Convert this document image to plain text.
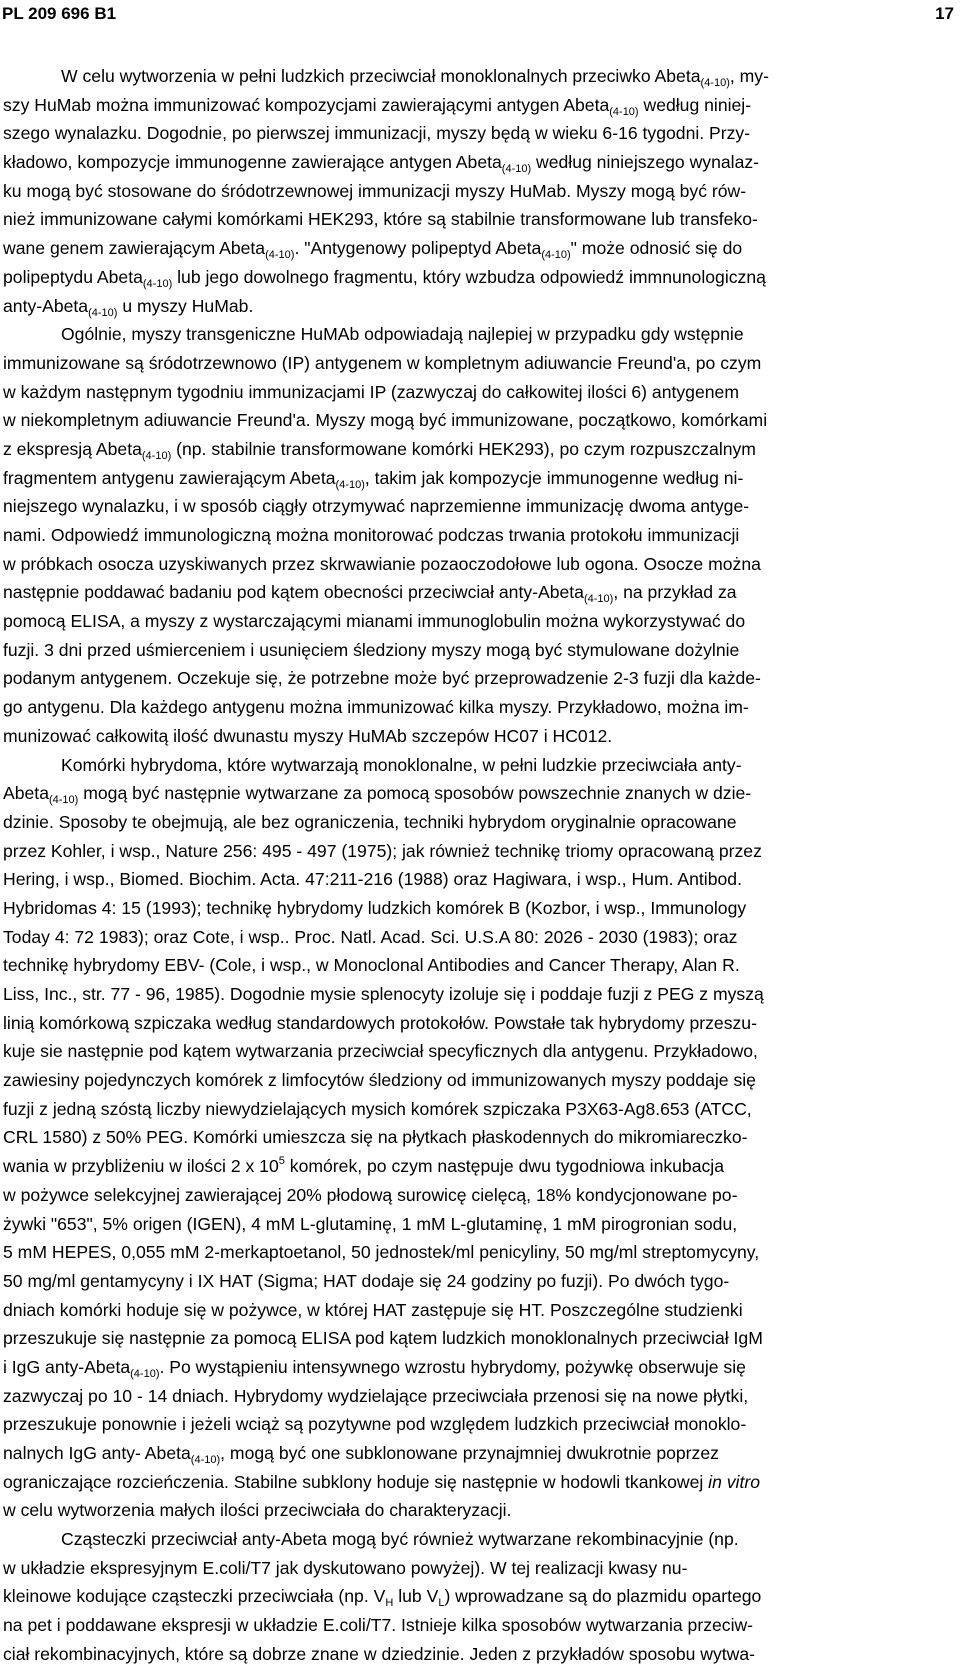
PL 209 696 B1	17
W celu wytworzenia w pełni ludzkich przeciwciał monoklonalnych przeciwko Abeta$_{(4-10)}$, my-
szy HuMab można immunizować kompozycjami zawierającymi antygen Abeta$_{(4-10)}$ według niniej-
szego wynalazku. Dogodnie, po pierwszej immunizacji, myszy będą w wieku 6-16 tygodni. Przy-
kładowo, kompozycje immunogenne zawierające antygen Abeta$_{(4-10)}$ według niniejszego wynalaz-
ku mogą być stosowane do śródotrzewnowej immunizacji myszy HuMab. Myszy mogą być rów-
nież immunizowane całymi komórkami HEK293, które są stabilnie transformowane lub transfeko-
wane genem zawierającym Abeta$_{(4-10)}$. "Antygenowy polipeptyd Abeta$_{(4-10)}$" może odnosić się do
polipeptydu Abeta$_{(4-10)}$ lub jego dowolnego fragmentu, który wzbudza odpowiedź immnunologiczną
anty-Abeta$_{(4-10)}$ u myszy HuMab.
Ogólnie, myszy transgeniczne HuMAb odpowiadają najlepiej w przypadku gdy wstępnie
immunizowane są śródotrzewnowo (IP) antygenem w kompletnym adiuwancie Freund'a, po czym
w każdym następnym tygodniu immunizacjami IP (zazwyczaj do całkowitej ilości 6) antygenem
w niekompletnym adiuwancie Freund'a. Myszy mogą być immunizowane, początkowo, komórkami
z ekspresją Abeta$_{(4-10)}$ (np. stabilnie transformowane komórki HEK293), po czym rozpuszczalnym
fragmentem antygenu zawierającym Abeta$_{(4-10)}$, takim jak kompozycje immunogenne według ni-
niejszego wynalazku, i w sposób ciągły otrzymywać naprzemienne immunizację dwoma antyge-
nami. Odpowiedź immunologiczną można monitorować podczas trwania protokołu immunizacji
w próbkach osocza uzyskiwanych przez skrwawianie pozaoczodołowe lub ogona. Osocze można
następnie poddawać badaniu pod kątem obecności przeciwciał anty-Abeta$_{(4-10)}$, na przykład za
pomocą ELISA, a myszy z wystarczającymi mianami immunoglobulin można wykorzystywać do
fuzji. 3 dni przed uśmierceniem i usunięciem śledziony myszy mogą być stymulowane dożylnie
podanym antygenem. Oczekuje się, że potrzebne może być przeprowadzenie 2-3 fuzji dla każde-
go antygenu. Dla każdego antygenu można immunizować kilka myszy. Przykładowo, można im-
munizować całkowitą ilość dwunastu myszy HuMAb szczepów HC07 i HC012.
Komórki hybrydoma, które wytwarzają monoklonalne, w pełni ludzkie przeciwciała anty-
Abeta$_{(4-10)}$ mogą być następnie wytwarzane za pomocą sposobów powszechnie znanych w dzie-
dzinie. Sposoby te obejmują, ale bez ograniczenia, techniki hybrydom oryginalnie opracowane
przez Kohler, i wsp., Nature 256: 495 - 497 (1975); jak również technikę triomy opracowaną przez
Hering, i wsp., Biomed. Biochim. Acta. 47:211-216 (1988) oraz Hagiwara, i wsp., Hum. Antibod.
Hybridomas 4: 15 (1993); technikę hybrydomy ludzkich komórek B (Kozbor, i wsp., Immunology
Today 4: 72 1983); oraz Cote, i wsp.. Proc. Natl. Acad. Sci. U.S.A 80: 2026 - 2030 (1983); oraz
technikę hybrydomy EBV- (Cole, i wsp., w Monoclonal Antibodies and Cancer Therapy, Alan R.
Liss, Inc., str. 77 - 96, 1985). Dogodnie mysie splenocyty izoluje się i poddaje fuzji z PEG z myszą
linią komórkową szpiczaka według standardowych protokołów. Powstałe tak hybrydomy przeszu-
kuje sie następnie pod kątem wytwarzania przeciwciał specyficznych dla antygenu. Przykładowo,
zawiesiny pojedynczych komórek z limfocytów śledziony od immunizowanych myszy poddaje się
fuzji z jedną szóstą liczby niewydzielających mysich komórek szpiczaka P3X63-Ag8.653 (ATCC,
CRL 1580) z 50% PEG. Komórki umieszcza się na płytkach płaskodennych do mikromiareczko-
wania w przybliżeniu w ilości 2 x $10^5$ komórek, po czym następuje dwu tygodniowa inkubacja
w pożywce selekcyjnej zawierającej 20% płodową surowicę cielęcą, 18% kondycjonowane po-
żywki "653", 5% origen (IGEN), 4 mM L-glutaminę, 1 mM L-glutaminę, 1 mM pirogronian sodu,
5 mM HEPES, 0,055 mM 2-merkaptoetanol, 50 jednostek/ml penicyliny, 50 mg/ml streptomycyny,
50 mg/ml gentamycyny i IX HAT (Sigma; HAT dodaje się 24 godziny po fuzji). Po dwóch tygo-
dniach komórki hoduje się w pożywce, w której HAT zastępuje się HT. Poszczególne studzienki
przeszukuje się następnie za pomocą ELISA pod kątem ludzkich monoklonalnych przeciwciał IgM
i IgG anty-Abeta$_{(4-10)}$. Po wystąpieniu intensywnego wzrostu hybrydomy, pożywkę obserwuje się
zazwyczaj po 10 - 14 dniach. Hybrydomy wydzielające przeciwciała przenosi się na nowe płytki,
przeszukuje ponownie i jeżeli wciąż są pozytywne pod względem ludzkich przeciwciał monoklo-
nalnych IgG anty- Abeta$_{(4-10)}$, mogą być one subklonowane przynajmniej dwukrotnie poprzez
ograniczające rozcieńczenia. Stabilne subklony hoduje się następnie w hodowli tkankowej in vitro
w celu wytworzenia małych ilości przeciwciała do charakteryzacji.
Cząsteczki przeciwciał anty-Abeta mogą być również wytwarzane rekombinacyjnie (np.
w układzie ekspresyjnym E.coli/T7 jak dyskutowano powyżej). W tej realizacji kwasy nu-
kleinowe kodujące cząsteczki przeciwciała (np. $V_H$ lub $V_L$) wprowadzane są do plazmidu opartego
na pet i poddawane ekspresji w układzie E.coli/T7. Istnieje kilka sposobów wytwarzania przeciw-
ciał rekombinacyjnych, które są dobrze znane w dziedzinie. Jeden z przykładów sposobu wytwa-
